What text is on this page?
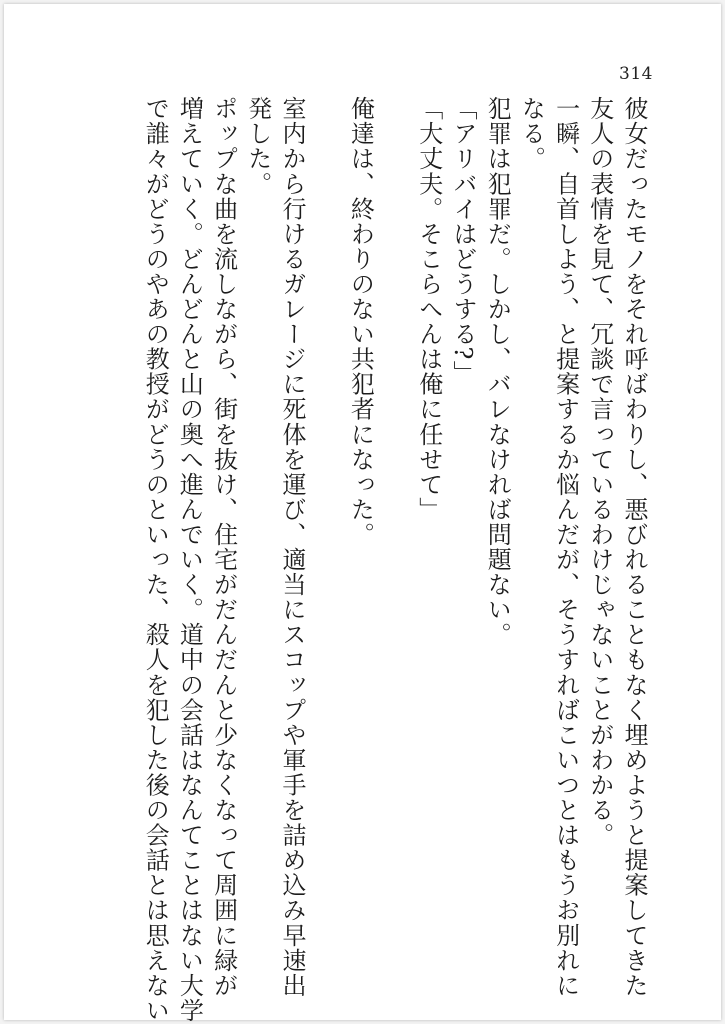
314

彼女だったモノをそれ呼ばわりし、悪びれることもなく埋めようと提案してきた

友人の表情を見て、冗談で言っているわけじゃないことがわかる。

一瞬、自首しよう、と提案するか悩んだが、そうすればこいつとはもうお別れに

なる。

犯罪は犯罪だ。しかし、バレなければ問題ない。

「アリバイはどうする?」

「大丈夫。そこらへんは俺に任せて」

俺達は、終わりのない共犯者になった。

室内から行けるガレージに死体を運び、適当にスコップや軍手を詰め込み早速出

発した。

ポップな曲を流しながら、街を抜け、住宅がだんだんと少なくなって周囲に緑が

増えていく。どんどんと山の奥へ進んでいく。道中の会話はなんてことはない大学

で誰々がどうのやあの教授がどうのといった、殺人を犯した後の会話とは思えない
